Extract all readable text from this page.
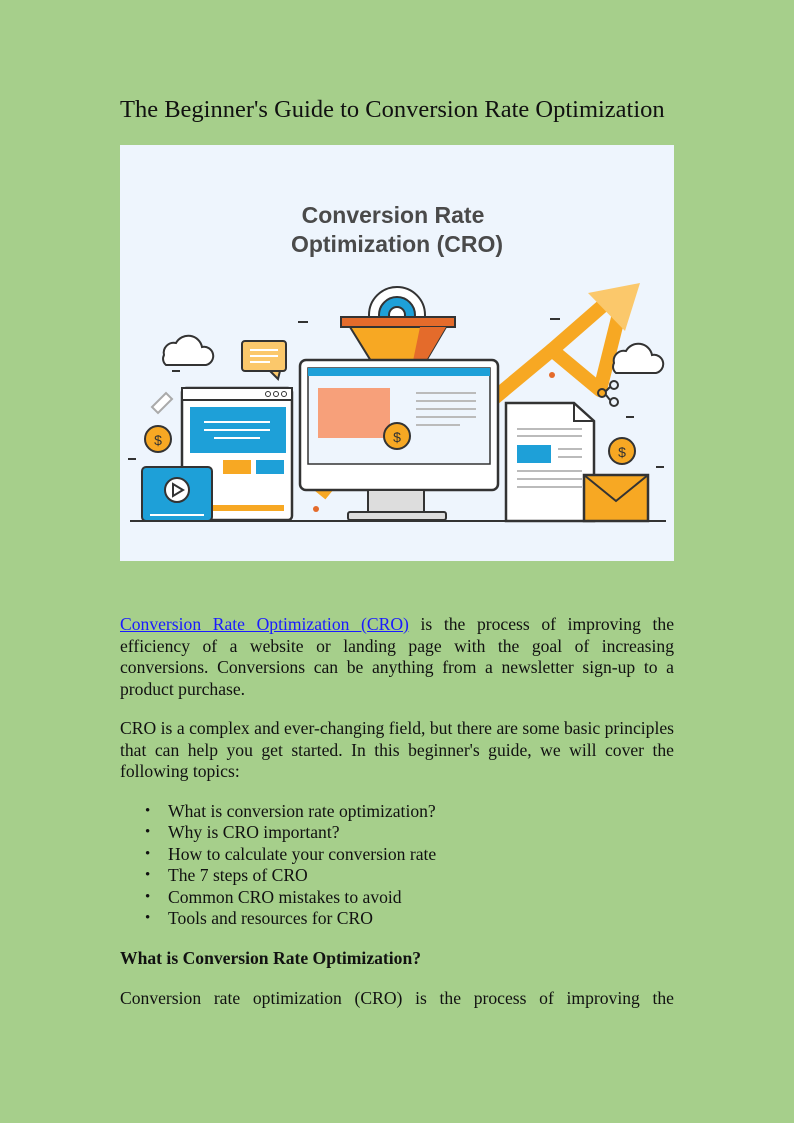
The Beginner's Guide to Conversion Rate Optimization
Conversion Rate
Optimization (CRO)
$
$
$

Conversion Rate Optimization (CRO) is the process of improving the efficiency of a website or landing page with the goal of increasing conversions. Conversions can be anything from a newsletter sign-up to a product purchase.

CRO is a complex and ever-changing field, but there are some basic principles that can help you get started. In this beginner's guide, we will cover the following topics:

• What is conversion rate optimization?
• Why is CRO important?
• How to calculate your conversion rate
• The 7 steps of CRO
• Common CRO mistakes to avoid
• Tools and resources for CRO
What is Conversion Rate Optimization?

Conversion rate optimization (CRO) is the process of improving the
